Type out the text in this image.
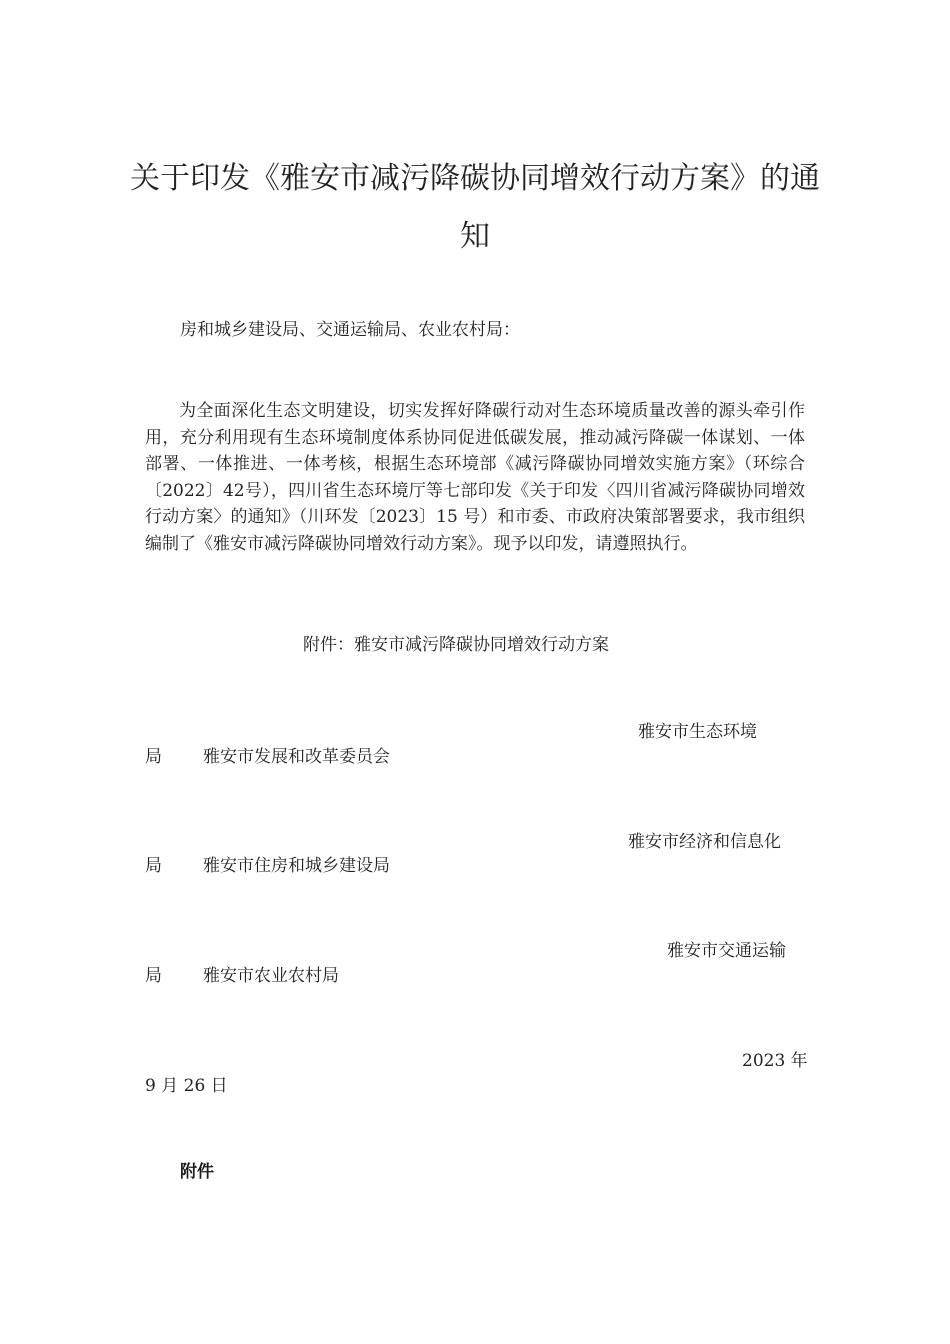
关于印发《雅安市减污降碳协同增效行动方案》的通知
房和城乡建设局、交通运输局、农业农村局：
为全面深化生态文明建设，切实发挥好降碳行动对生态环境质量改善的源头牵引作用，充分利用现有生态环境制度体系协同促进低碳发展，推动减污降碳一体谋划、一体部署、一体推进、一体考核，根据生态环境部《减污降碳协同增效实施方案》（环综合〔2022〕42号），四川省生态环境厅等七部印发《关于印发〈四川省减污降碳协同增效行动方案〉的通知》（川环发〔2023〕15 号）和市委、市政府决策部署要求，我市组织编制了《雅安市减污降碳协同增效行动方案》。现予以印发，请遵照执行。
附件：雅安市减污降碳协同增效行动方案
雅安市生态环境
局 雅安市发展和改革委员会
雅安市经济和信息化
局 雅安市住房和城乡建设局
雅安市交通运输
局 雅安市农业农村局
2023 年
9 月 26 日
附件
